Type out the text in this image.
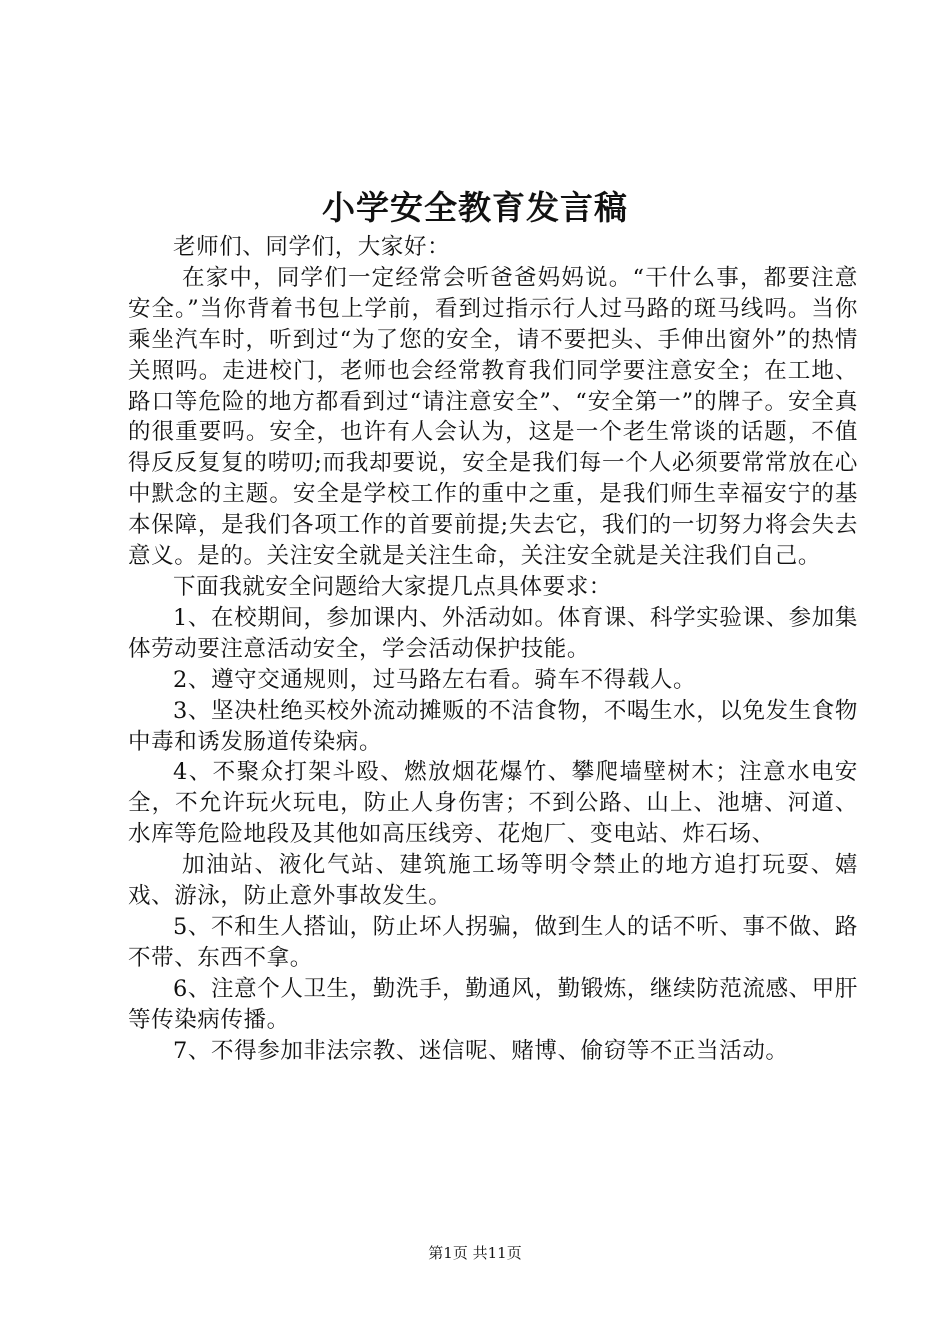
小学安全教育发言稿

老师们、同学们，大家好：

在家中，同学们一定经常会听爸爸妈妈说。“干什么事，都要注意安全。”当你背着书包上学前，看到过指示行人过马路的斑马线吗。当你乘坐汽车时，听到过“为了您的安全，请不要把头、手伸出窗外”的热情关照吗。走进校门，老师也会经常教育我们同学要注意安全；在工地、路口等危险的地方都看到过“请注意安全”、“安全第一”的牌子。安全真的很重要吗。安全，也许有人会认为，这是一个老生常谈的话题，不值得反反复复的唠叨;而我却要说，安全是我们每一个人必须要常常放在心中默念的主题。安全是学校工作的重中之重，是我们师生幸福安宁的基本保障，是我们各项工作的首要前提;失去它，我们的一切努力将会失去意义。是的。关注安全就是关注生命，关注安全就是关注我们自己。

下面我就安全问题给大家提几点具体要求：

1、在校期间，参加课内、外活动如。体育课、科学实验课、参加集体劳动要注意活动安全，学会活动保护技能。

2、遵守交通规则，过马路左右看。骑车不得载人。

3、坚决杜绝买校外流动摊贩的不洁食物，不喝生水，以免发生食物中毒和诱发肠道传染病。

4、不聚众打架斗殴、燃放烟花爆竹、攀爬墙壁树木；注意水电安全，不允许玩火玩电，防止人身伤害；不到公路、山上、池塘、河道、水库等危险地段及其他如高压线旁、花炮厂、变电站、炸石场、

加油站、液化气站、建筑施工场等明令禁止的地方追打玩耍、嬉戏、游泳，防止意外事故发生。

5、不和生人搭讪，防止坏人拐骗，做到生人的话不听、事不做、路不带、东西不拿。

6、注意个人卫生，勤洗手，勤通风，勤锻炼，继续防范流感、甲肝等传染病传播。

7、不得参加非法宗教、迷信呢、赌博、偷窃等不正当活动。

第1页 共11页
